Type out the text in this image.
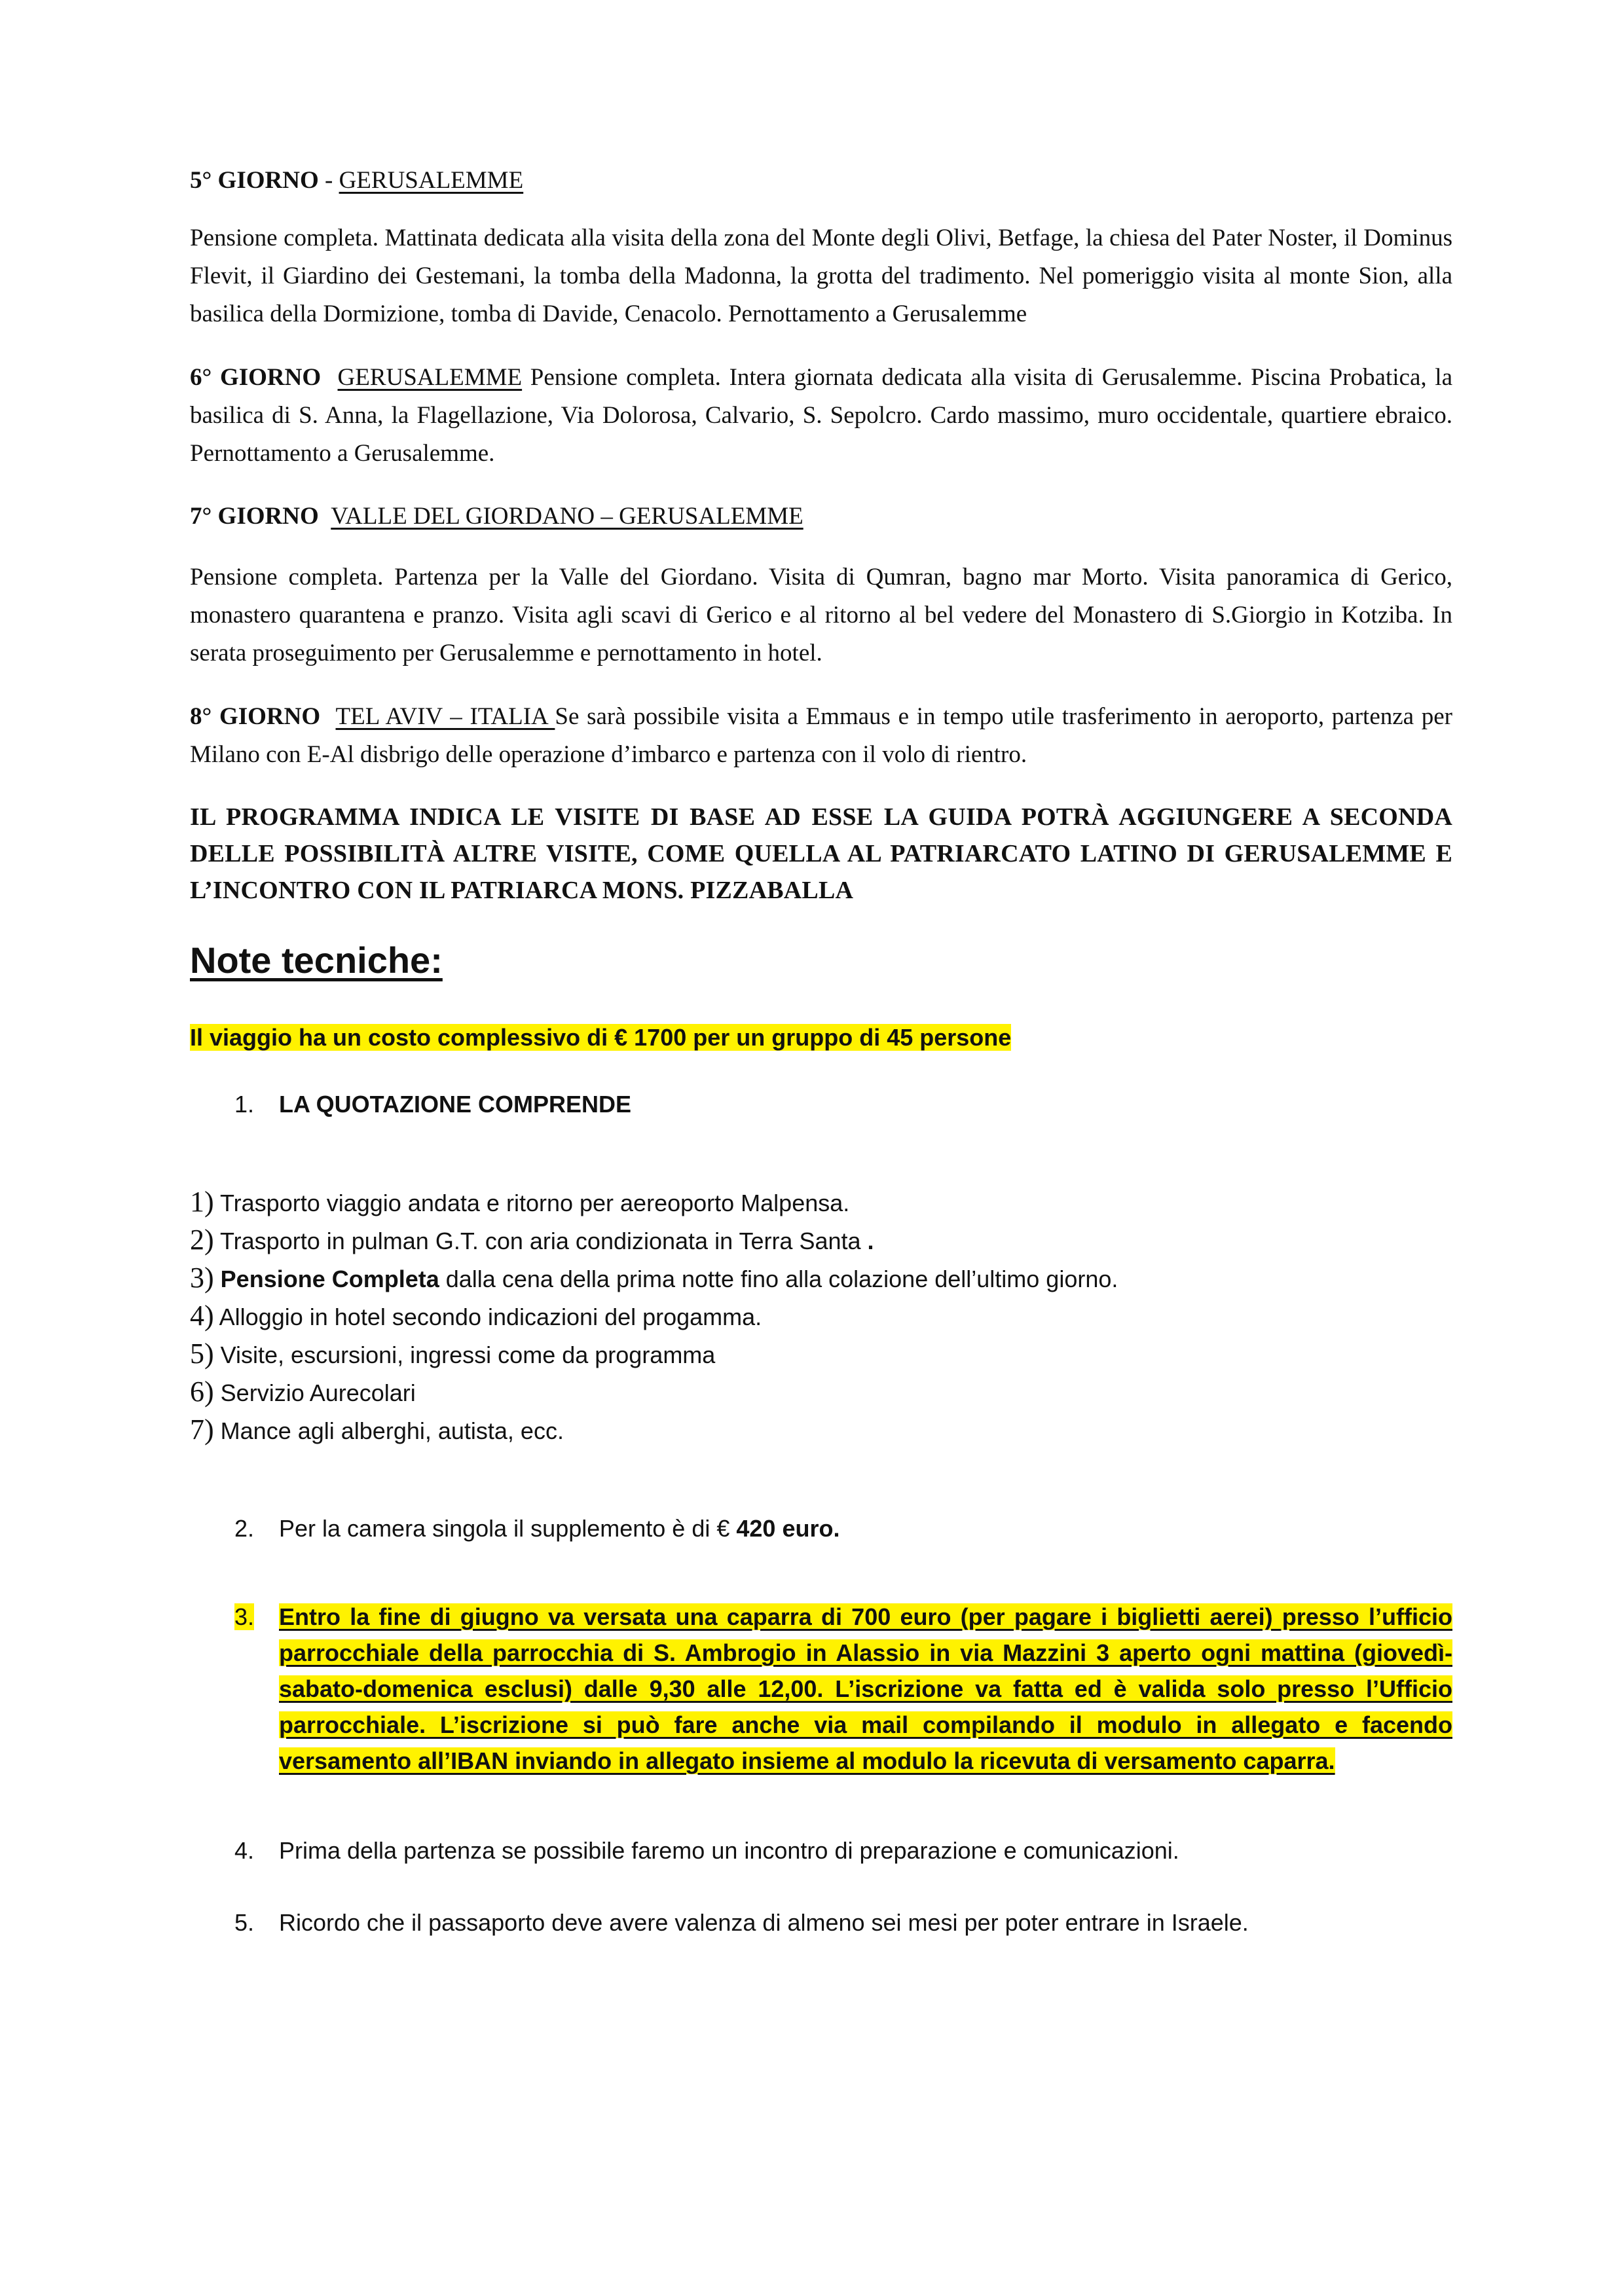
5° GIORNO - GERUSALEMME
Pensione completa. Mattinata dedicata alla visita della zona del Monte degli Olivi, Betfage, la chiesa del Pater Noster, il Dominus Flevit, il Giardino dei Gestemani, la tomba della Madonna, la grotta del tradimento. Nel pomeriggio visita al monte Sion, alla basilica della Dormizione, tomba di Davide, Cenacolo. Pernottamento a Gerusalemme
6° GIORNO GERUSALEMME Pensione completa. Intera giornata dedicata alla visita di Gerusalemme. Piscina Probatica, la basilica di S. Anna, la Flagellazione, Via Dolorosa, Calvario, S. Sepolcro. Cardo massimo, muro occidentale, quartiere ebraico. Pernottamento a Gerusalemme.
7° GIORNO VALLE DEL GIORDANO – GERUSALEMME
Pensione completa. Partenza per la Valle del Giordano. Visita di Qumran, bagno mar Morto. Visita panoramica di Gerico, monastero quarantena e pranzo. Visita agli scavi di Gerico e al ritorno al bel vedere del Monastero di S.Giorgio in Kotziba. In serata proseguimento per Gerusalemme e pernottamento in hotel.
8° GIORNO TEL AVIV – ITALIA Se sarà possibile visita a Emmaus e in tempo utile trasferimento in aeroporto, partenza per Milano con E-Al disbrigo delle operazione d’imbarco e partenza con il volo di rientro.
IL PROGRAMMA INDICA LE VISITE DI BASE AD ESSE LA GUIDA POTRÀ AGGIUNGERE A SECONDA DELLE POSSIBILITÀ ALTRE VISITE, COME QUELLA AL PATRIARCATO LATINO DI GERUSALEMME E L’INCONTRO CON IL PATRIARCA MONS. PIZZABALLA
Note tecniche:
Il viaggio ha un costo complessivo di € 1700 per un gruppo di 45 persone
1. LA QUOTAZIONE COMPRENDE
1) Trasporto viaggio andata e ritorno per aereoporto Malpensa.
2) Trasporto in pulman G.T. con aria condizionata in Terra Santa .
3) Pensione Completa dalla cena della prima notte fino alla colazione dell’ultimo giorno.
4) Alloggio in hotel secondo indicazioni del progamma.
5) Visite, escursioni, ingressi come da programma
6) Servizio Aurecolari
7) Mance agli alberghi, autista, ecc.
2. Per la camera singola il supplemento è di € 420 euro.
3. Entro la fine di giugno va versata una caparra di 700 euro (per pagare i biglietti aerei) presso l’ufficio parrocchiale della parrocchia di S. Ambrogio in Alassio in via Mazzini 3 aperto ogni mattina (giovedì-sabato-domenica esclusi) dalle 9,30 alle 12,00. L’iscrizione va fatta ed è valida solo presso l’Ufficio parrocchiale. L’iscrizione si può fare anche via mail compilando il modulo in allegato e facendo versamento all’IBAN inviando in allegato insieme al modulo la ricevuta di versamento caparra.
4. Prima della partenza se possibile faremo un incontro di preparazione e comunicazioni.
5. Ricordo che il passaporto deve avere valenza di almeno sei mesi per poter entrare in Israele.
